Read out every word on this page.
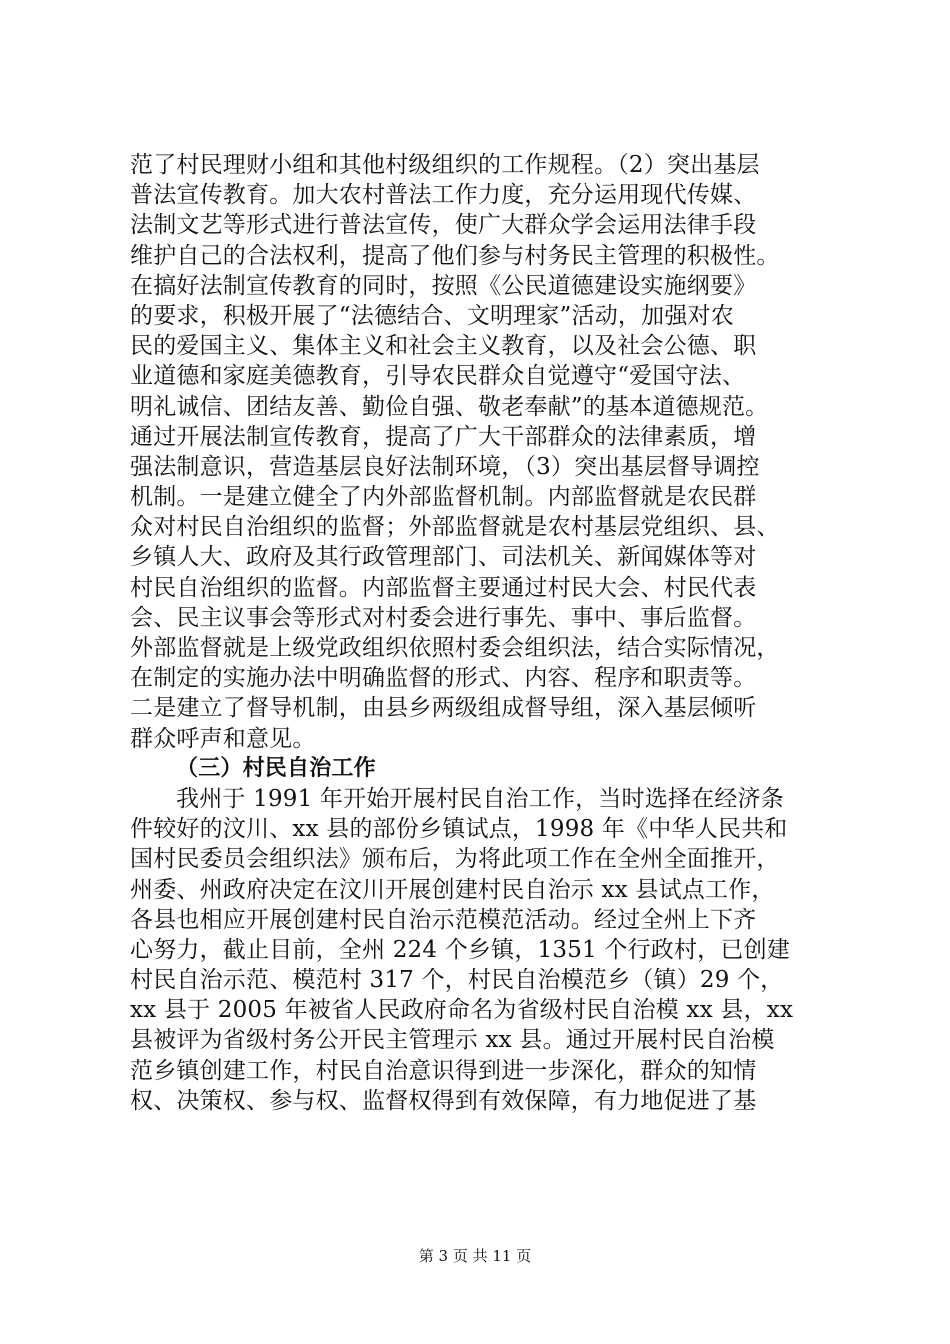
范了村民理财小组和其他村级组织的工作规程。（2）突出基层
普法宣传教育。加大农村普法工作力度，充分运用现代传媒、
法制文艺等形式进行普法宣传，使广大群众学会运用法律手段
维护自己的合法权利，提高了他们参与村务民主管理的积极性。
在搞好法制宣传教育的同时，按照《公民道德建设实施纲要》
的要求，积极开展了“法德结合、文明理家”活动，加强对农
民的爱国主义、集体主义和社会主义教育，以及社会公德、职
业道德和家庭美德教育，引导农民群众自觉遵守“爱国守法、
明礼诚信、团结友善、勤俭自强、敬老奉献”的基本道德规范。
通过开展法制宣传教育，提高了广大干部群众的法律素质，增
强法制意识，营造基层良好法制环境，（3）突出基层督导调控
机制。一是建立健全了内外部监督机制。内部监督就是农民群
众对村民自治组织的监督；外部监督就是农村基层党组织、县、
乡镇人大、政府及其行政管理部门、司法机关、新闻媒体等对
村民自治组织的监督。内部监督主要通过村民大会、村民代表
会、民主议事会等形式对村委会进行事先、事中、事后监督。
外部监督就是上级党政组织依照村委会组织法，结合实际情况，
在制定的实施办法中明确监督的形式、内容、程序和职责等。
二是建立了督导机制，由县乡两级组成督导组，深入基层倾听
群众呼声和意见。
（三）村民自治工作
我州于 1991 年开始开展村民自治工作，当时选择在经济条
件较好的汶川、xx 县的部份乡镇试点，1998 年《中华人民共和
国村民委员会组织法》颁布后，为将此项工作在全州全面推开，
州委、州政府决定在汶川开展创建村民自治示 xx 县试点工作，
各县也相应开展创建村民自治示范模范活动。经过全州上下齐
心努力，截止目前，全州 224 个乡镇，1351 个行政村，已创建
村民自治示范、模范村 317 个，村民自治模范乡（镇）29 个，
xx 县于 2005 年被省人民政府命名为省级村民自治模 xx 县，xx
县被评为省级村务公开民主管理示 xx 县。通过开展村民自治模
范乡镇创建工作，村民自治意识得到进一步深化，群众的知情
权、决策权、参与权、监督权得到有效保障，有力地促进了基
第 3 页 共 11 页
